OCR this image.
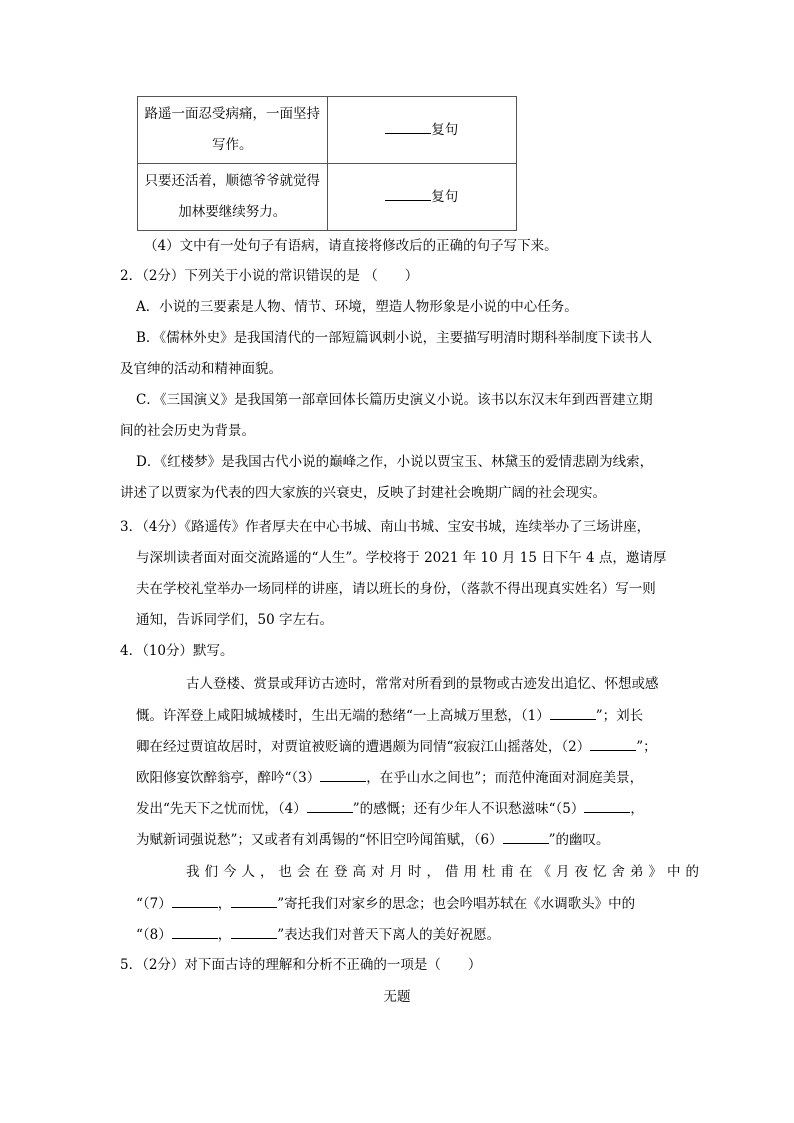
路遥一面忍受病痛，一面坚持
写作。	复句

只要还活着，顺德爷爷就觉得
加林要继续努力。	复句
（4）文中有一处句子有语病，请直接将修改后的正确的句子写下来。
2．（2分）下列关于小说的常识错误的是 （　　）
A．小说的三要素是人物、情节、环境，塑造人物形象是小说的中心任务。
B．《儒林外史》是我国清代的一部短篇讽刺小说，主要描写明清时期科举制度下读书人
及官绅的活动和精神面貌。
C．《三国演义》是我国第一部章回体长篇历史演义小说。该书以东汉末年到西晋建立期
间的社会历史为背景。
D．《红楼梦》是我国古代小说的巅峰之作，小说以贾宝玉、林黛玉的爱情悲剧为线索，
讲述了以贾家为代表的四大家族的兴衰史，反映了封建社会晚期广阔的社会现实。
3．（4分）《路遥传》作者厚夫在中心书城、南山书城、宝安书城，连续举办了三场讲座，
与深圳读者面对面交流路遥的“人生”。学校将于 2021 年 10 月 15 日下午 4 点，邀请厚
夫在学校礼堂举办一场同样的讲座，请以班长的身份，（落款不得出现真实姓名）写一则
通知，告诉同学们，50 字左右。
4．（10分）默写。
古人登楼、赏景或拜访古迹时，常常对所看到的景物或古迹发出追忆、怀想或感
慨。许浑登上咸阳城城楼时，生出无端的愁绪“一上高城万里愁，（1）	”；刘长
卿在经过贾谊故居时，对贾谊被贬谪的遭遇颇为同情“寂寂江山摇落处，（2）	”；
欧阳修宴饮醉翁亭，醉吟“（3）	，在乎山水之间也”；而范仲淹面对洞庭美景，
发出“先天下之忧而忧，（4）	”的感慨；还有少年人不识愁滋味“（5）	，
为赋新词强说愁”；又或者有刘禹锡的“怀旧空吟闻笛赋，（6）	”的幽叹。
我们今人，也会在登高对月时，借用杜甫在《月夜忆舍弟》中的
“（7）	，	”寄托我们对家乡的思念；也会吟唱苏轼在《水调歌头》中的
“（8）	，	”表达我们对普天下离人的美好祝愿。
5．（2分）对下面古诗的理解和分析不正确的一项是（　　）
无题
